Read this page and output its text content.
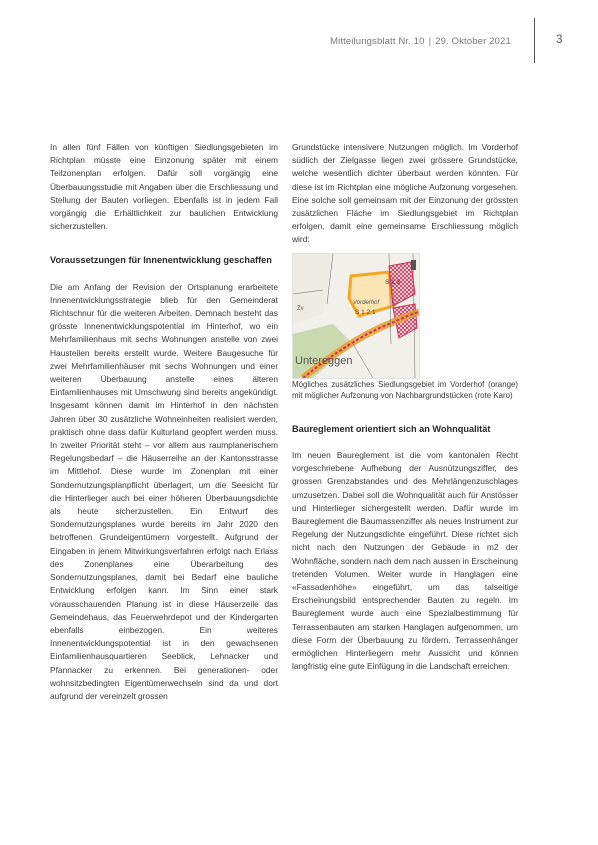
Mitteilungsblatt Nr. 10 | 29. Oktober 2021	3

In allen fünf Fällen von künftigen Siedlungsgebieten im Richtplan müsste eine Einzonung später mit einem Teilzonenplan erfolgen. Dafür soll vorgängig eine Überbauungsstudie mit Angaben über die Erschliessung und Stellung der Bauten vorliegen. Ebenfalls ist in jedem Fall vorgängig die Erhältlichkeit zur baulichen Entwicklung sicherzustellen.

Voraussetzungen für Innenentwicklung geschaffen

Die am Anfang der Revision der Ortsplanung erarbeitete Innenentwicklungsstrategie blieb für den Gemeinderat Richtschnur für die weiteren Arbeiten. Demnach besteht das grösste Innenentwicklungspotential im Hinterhof, wo ein Mehrfamilienhaus mit sechs Wohnungen anstelle von zwei Hausteilen bereits erstellt wurde. Weitere Baugesuche für zwei Mehrfamilienhäuser mit sechs Wohnungen und einer weiteren Überbauung anstelle eines älteren Einfamilienhauses mit Umschwung sind bereits angekündigt. Insgesamt können damit im Hinterhof in den nächsten Jahren über 30 zusätzliche Wohneinheiten realisiert werden, praktisch ohne dass dafür Kulturland geopfert werden muss. In zweiter Priorität steht – vor allem aus raumplanerischem Regelungsbedarf – die Häuserreihe an der Kantonsstrasse im Mittlehof. Diese wurde im Zonenplan mit einer Sondernutzungsplanpflicht überlagert, um die Seesicht für die Hinterlieger auch bei einer höheren Überbauungsdichte als heute sicherzustellen. Ein Entwurf des Sondernutzungsplanes wurde bereits im Jahr 2020 den betroffenen Grundeigentümern vorgestellt. Aufgrund der Eingaben in jenem Mitwirkungsverfahren erfolgt nach Erlass des Zonenplanes eine Überarbeitung des Sondernutzungsplanes, damit bei Bedarf eine bauliche Entwicklung erfolgen kann. Im Sinn einer stark vorausschauenden Planung ist in diese Häuserzeile das Gemeindehaus, das Feuerwehrdepot und der Kindergarten ebenfalls einbezogen. Ein weiteres Innenentwicklungspotential ist in den gewachsenen Einfamilienhausquartieren Seeblick, Lehnacker und Pfannacker zu erkennen. Bei generationen- oder wohnsitzbedingten Eigentümerwechseln sind da und dort aufgrund der vereinzelt grossen

Grundstücke intensivere Nutzungen möglich. Im Vorderhof südlich der Zielgasse liegen zwei grössere Grundstücke, welche wesentlich dichter überbaut werden könnten. Für diese ist im Richtplan eine mögliche Aufzonung vorgesehen. Eine solche soll gemeinsam mit der Einzonung der grössten zusätzlichen Fläche im Siedlungsgebiet im Richtplan erfolgen, damit eine gemeinsame Erschliessung möglich wird:

Vorderhof
S 1 2 1
S 1 3
Zv
Untereggen

Mögliches zusätzliches Siedlungsgebiet im Vorderhof (orange) mit möglicher Aufzonung von Nachbargrundstücken (rote Karo)

Baureglement orientiert sich an Wohnqualität

Im neuen Baureglement ist die vom kantonalen Recht vorgeschriebene Aufhebung der Ausnützungsziffer, des grossen Grenzabstandes und des Mehrlängenzuschlages umzusetzen. Dabei soll die Wohnqualität auch für Anstösser und Hinterlieger sichergestellt werden. Dafür wurde im Baureglement die Baumassenziffer als neues Instrument zur Regelung der Nutzungsdichte eingeführt. Diese richtet sich nicht nach den Nutzungen der Gebäude in m2 der Wohnfläche, sondern nach dem nach aussen in Erscheinung tretenden Volumen. Weiter wurde in Hanglagen eine «Fassadenhöhe» eingeführt, um das talseitige Erscheinungsbild entsprechender Bauten zu regeln. Im Baureglement wurde auch eine Spezialbestimmung für Terrassenbauten am starken Hanglagen aufgenommen, um diese Form der Überbauung zu fördern. Terrassenhänger ermöglichen Hinterliegern mehr Aussicht und können langfristig eine gute Einfügung in die Landschaft erreichen.
